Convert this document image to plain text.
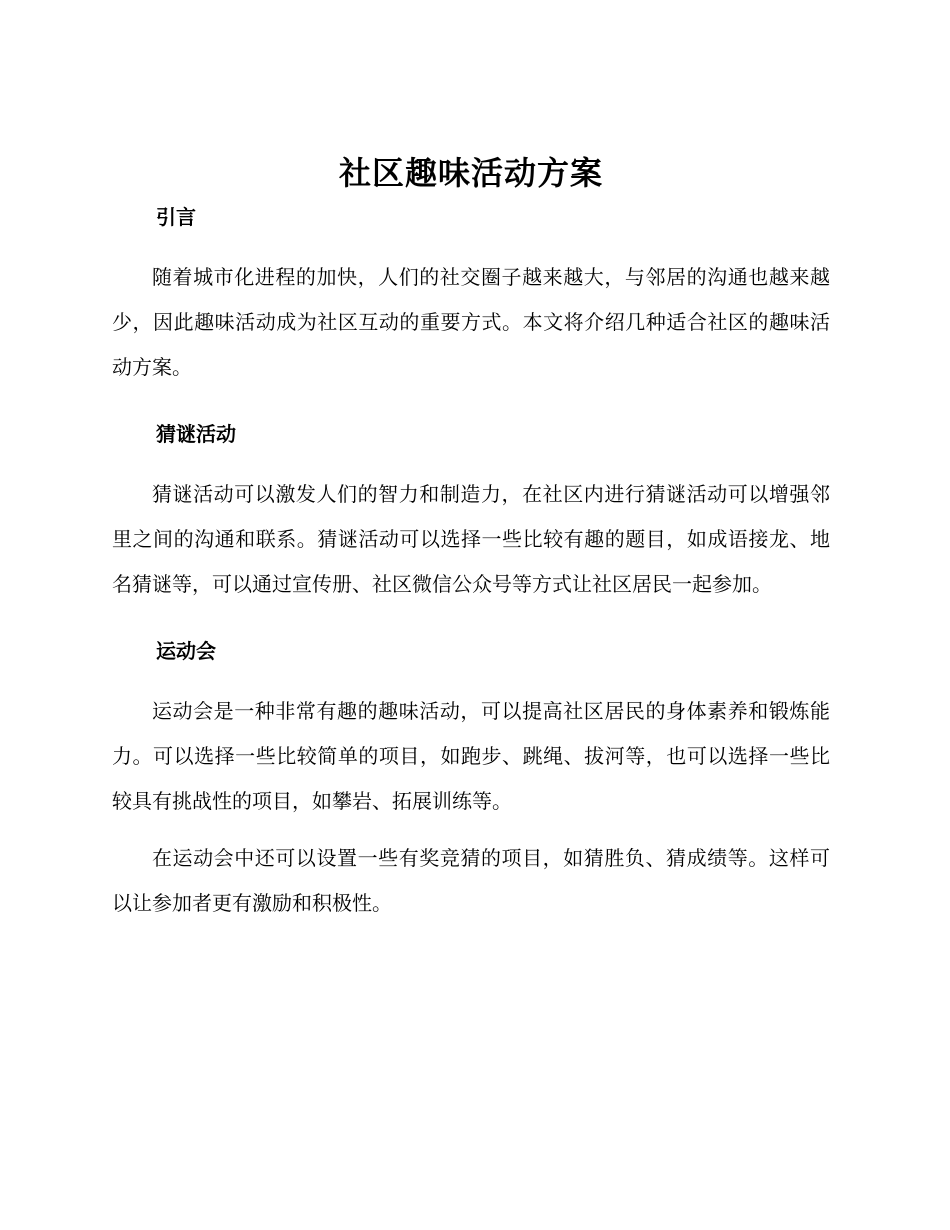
社区趣味活动方案
引言

随着城市化进程的加快，人们的社交圈子越来越大，与邻居的沟通也越来越少，因此趣味活动成为社区互动的重要方式。本文将介绍几种适合社区的趣味活动方案。

猜谜活动

猜谜活动可以激发人们的智力和制造力，在社区内进行猜谜活动可以增强邻里之间的沟通和联系。猜谜活动可以选择一些比较有趣的题目，如成语接龙、地名猜谜等，可以通过宣传册、社区微信公众号等方式让社区居民一起参加。

运动会

运动会是一种非常有趣的趣味活动，可以提高社区居民的身体素养和锻炼能力。可以选择一些比较简单的项目，如跑步、跳绳、拔河等，也可以选择一些比较具有挑战性的项目，如攀岩、拓展训练等。

在运动会中还可以设置一些有奖竞猜的项目，如猜胜负、猜成绩等。这样可以让参加者更有激励和积极性。
